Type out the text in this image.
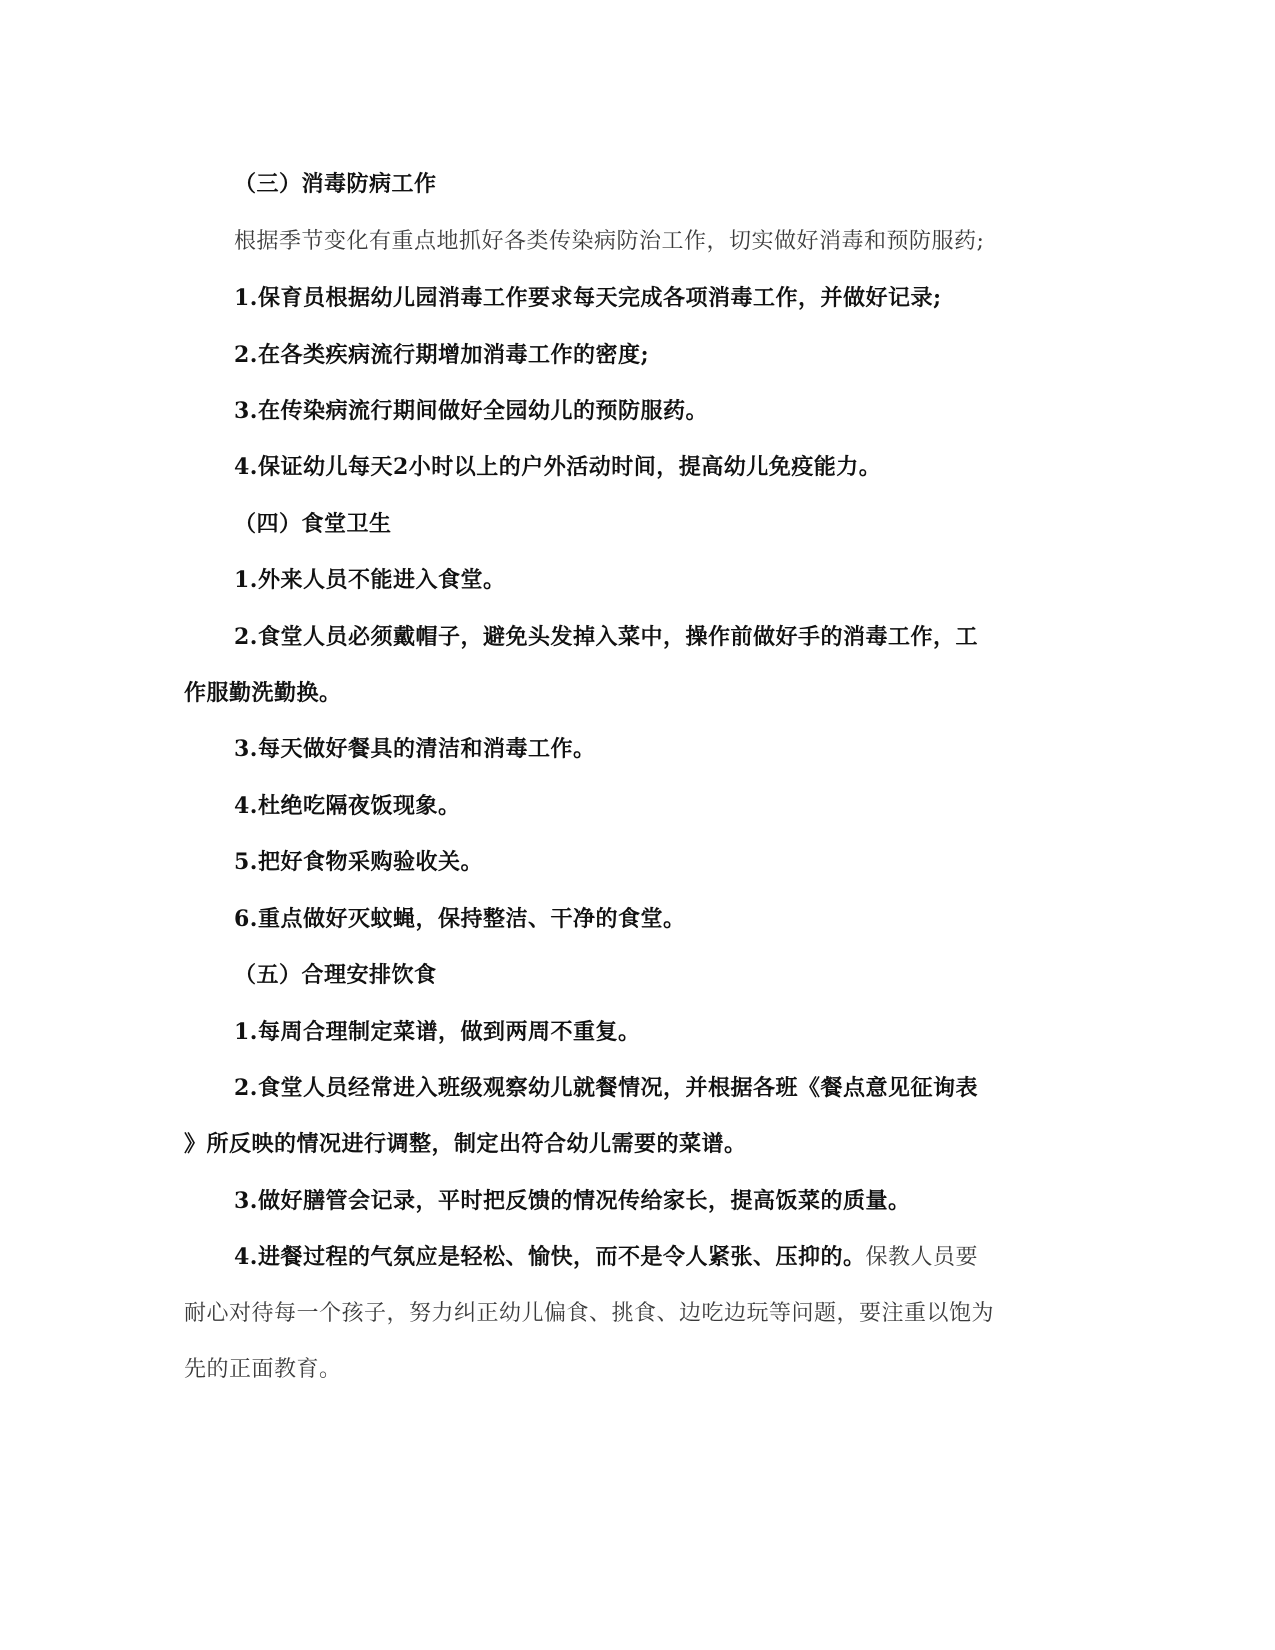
（三）消毒防病工作
根据季节变化有重点地抓好各类传染病防治工作，切实做好消毒和预防服药;
1.保育员根据幼儿园消毒工作要求每天完成各项消毒工作，并做好记录;
2.在各类疾病流行期增加消毒工作的密度;
3.在传染病流行期间做好全园幼儿的预防服药。
4.保证幼儿每天2小时以上的户外活动时间，提高幼儿免疫能力。
（四）食堂卫生
1.外来人员不能进入食堂。
2.食堂人员必须戴帽子，避免头发掉入菜中，操作前做好手的消毒工作，工
作服勤洗勤换。
3.每天做好餐具的清洁和消毒工作。
4.杜绝吃隔夜饭现象。
5.把好食物采购验收关。
6.重点做好灭蚊蝇，保持整洁、干净的食堂。
（五）合理安排饮食
1.每周合理制定菜谱，做到两周不重复。
2.食堂人员经常进入班级观察幼儿就餐情况，并根据各班《餐点意见征询表
》所反映的情况进行调整，制定出符合幼儿需要的菜谱。
3.做好膳管会记录，平时把反馈的情况传给家长，提高饭菜的质量。
4.进餐过程的气氛应是轻松、愉快，而不是令人紧张、压抑的。保教人员要
耐心对待每一个孩子，努力纠正幼儿偏食、挑食、边吃边玩等问题，要注重以饱为
先的正面教育。
